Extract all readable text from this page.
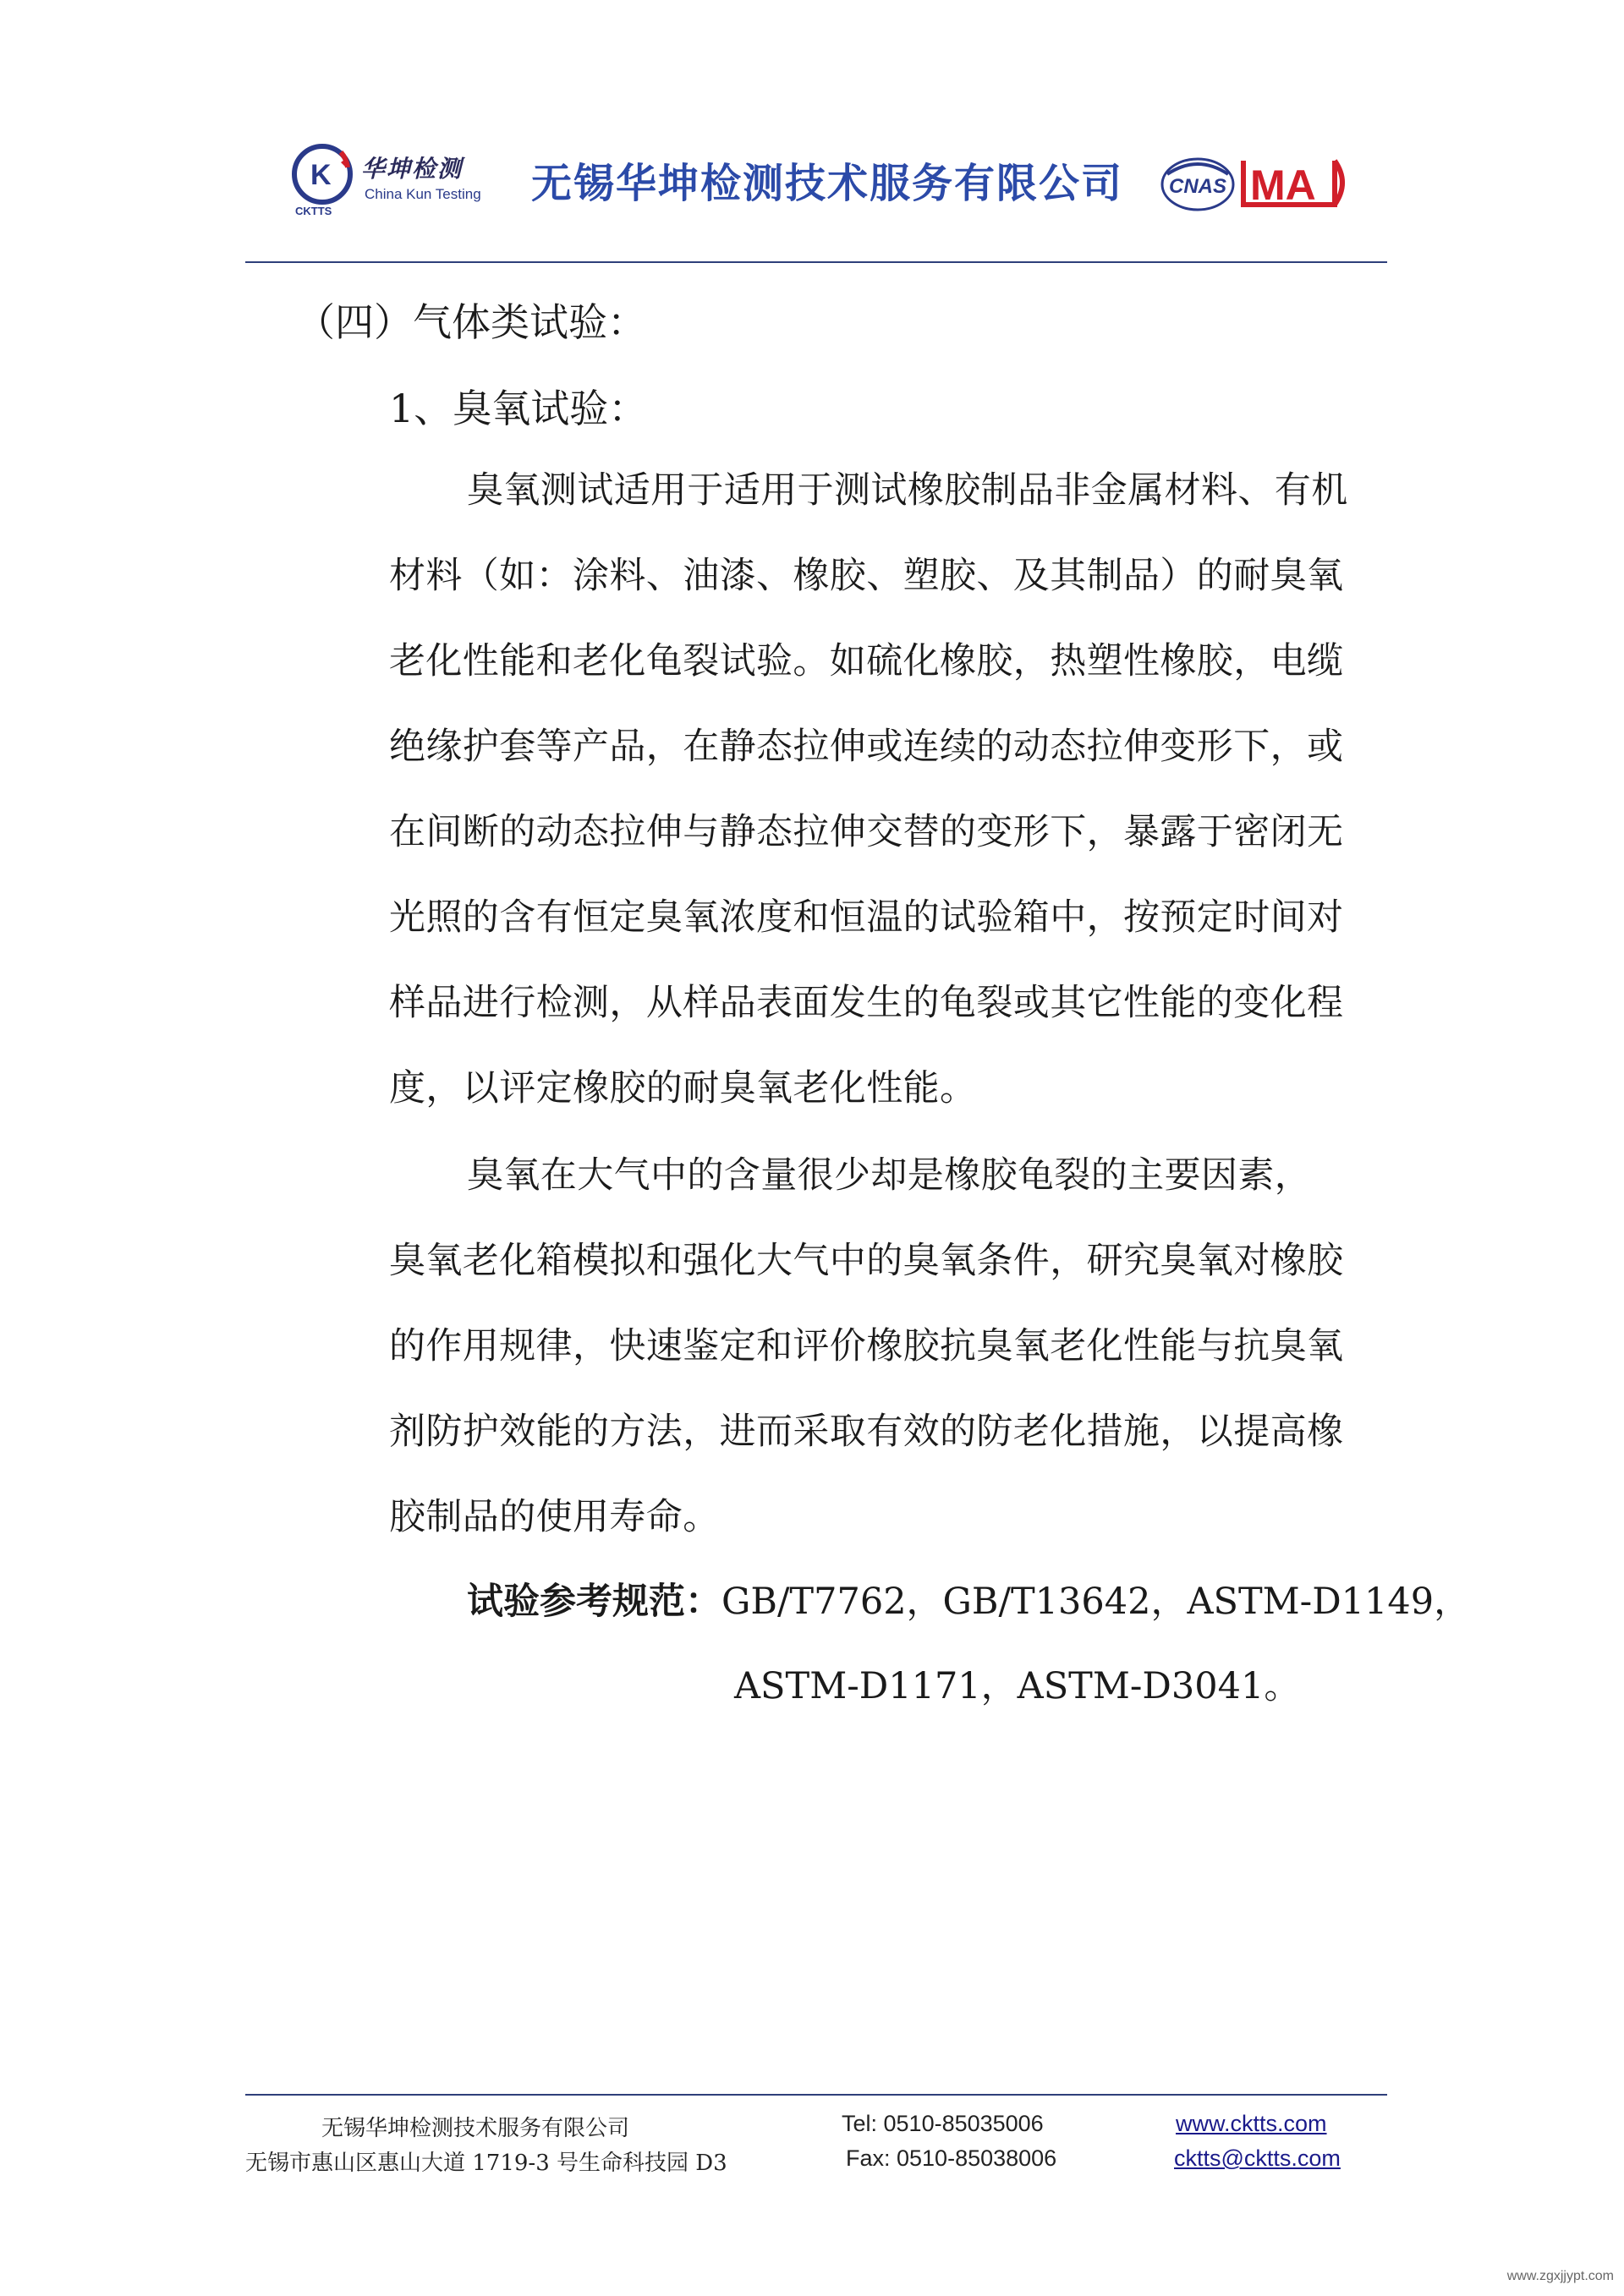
K 华坤检测
China Kun Testing
CKTTS
无锡华坤检测技术服务有限公司 CNAS MA
（四）气体类试验：
1、臭氧试验：
臭氧测试适用于适用于测试橡胶制品非金属材料、有机
材料（如：涂料、油漆、橡胶、塑胶、及其制品）的耐臭氧
老化性能和老化龟裂试验。如硫化橡胶，热塑性橡胶，电缆
绝缘护套等产品，在静态拉伸或连续的动态拉伸变形下，或
在间断的动态拉伸与静态拉伸交替的变形下，暴露于密闭无
光照的含有恒定臭氧浓度和恒温的试验箱中，按预定时间对
样品进行检测，从样品表面发生的龟裂或其它性能的变化程
度，以评定橡胶的耐臭氧老化性能。
臭氧在大气中的含量很少却是橡胶龟裂的主要因素，
臭氧老化箱模拟和强化大气中的臭氧条件，研究臭氧对橡胶
的作用规律，快速鉴定和评价橡胶抗臭氧老化性能与抗臭氧
剂防护效能的方法，进而采取有效的防老化措施，以提高橡
胶制品的使用寿命。
试验参考规范：GB/T7762，GB/T13642，ASTM-D1149，
ASTM-D1171，ASTM-D3041。
无锡华坤检测技术服务有限公司
无锡市惠山区惠山大道 1719-3 号生命科技园 D3
Tel: 0510-85035006
Fax: 0510-85038006
www.cktts.com
cktts@cktts.com
www.zgxjjypt.com
